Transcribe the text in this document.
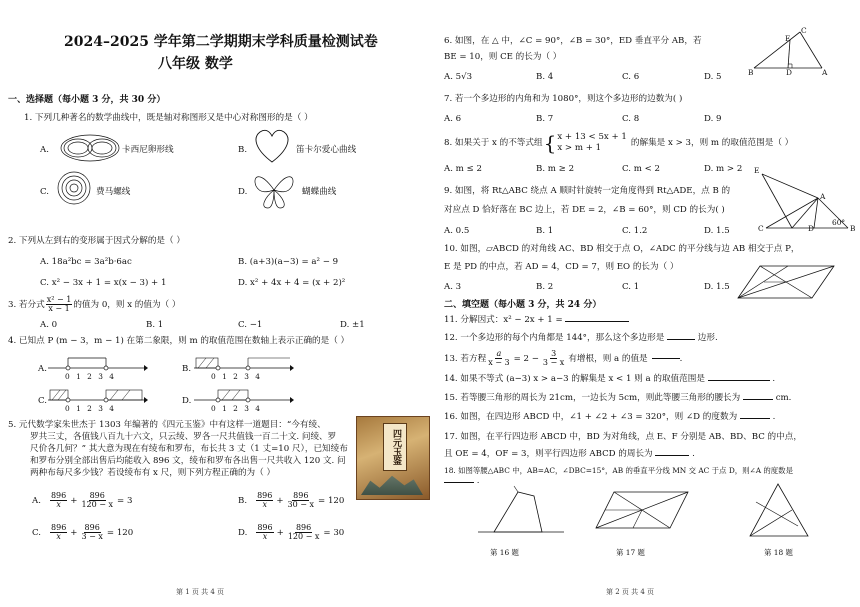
2024–2025 学年第二学期期末学科质量检测试卷
八年级 数学
一、选择题（每小题 3 分，共 30 分）
1. 下列几种著名的数学曲线中，既是轴对称图形又是中心对称图形的是（ ）
A.	卡西尼卵形线	B.	笛卡尔爱心曲线
C.	费马螺线	D.	蝴蝶曲线
2. 下列从左到右的变形属于因式分解的是（ ）
A. 18a²bc = 3a²b·6ac	B. (a+3)(a−3) = a² − 9
C. x² − 3x + 1 = x(x − 3) + 1	D. x² + 4x + 4 = (x + 2)²
3. 若分式 $\frac{\text{x² − 1}}{x - 1}$ 的值为 0，则 x 的值为（ ）
A. 0	B. 1	C. −1	D. ±1
4. 已知点 P (m − 3，m − 1) 在第二象限，则 m 的取值范围在数轴上表示正确的是（ ）
A.
0 1 2 3 4
B.
0 1 2 3 4
C.
0 1 2 3 4
D.
0 1 2 3 4
5. 元代数学家朱世杰于 1303 年编著的《四元玉鉴》中有这样一道题目：“今有绫、
罗共三丈，各值钱八百九十六文，只云绫、罗各一尺共值钱一百二十文. 问绫、罗
尺价各几何？” 其大意为现在有绫布和罗布，布长共 3 丈（1 丈=10 尺），已知绫布
和罗布分别全部出售后均能收入 896 文，绫布和罗布各出售一尺共收入 120 文. 问
两种布每尺多少钱？若设绫布有 x 尺，则下列方程正确的为（ ）
四元玉鉴
A. $\frac{896}{x} + \frac{896}{120 - x} = 3$	B. $\frac{896}{x} + \frac{896}{30 - x} = 120$
C. $\frac{896}{x} + \frac{896}{3 - x} = 120$	D. $\frac{896}{x} + \frac{896}{120 - x} = 30$
第 1 页 共 4 页
6. 如图，在 △ 中，∠C = 90°，∠B = 30°，ED 垂直平分 AB，若
BE = 10，则 CE 的长为（ ）
A. 5√3	B. 4	C. 6	D. 5	B
C
D
E
A
7. 若一个多边形的内角和为 1080°，则这个多边形的边数为( )
A. 6	B. 7	C. 8	D. 9
8. 如果关于 x 的不等式组 { x + 13 < 5x + 1
x > m + 1
的解集是 x > 3，则 m 的取值范围是（ ）
A. m ≤ 2	B. m ≥ 2	C. m < 2	D. m > 2
9. 如图，将 Rt△ABC 绕点 A 顺时针旋转一定角度得到 Rt△ADE，点 B 的
对应点 D 恰好落在 BC 边上，若 DE = 2，∠B = 60°，则 CD 的长为( )
A. 0.5	B. 1	C. 1.2	D. 1.5
E
A
C	D	B
60°
10. 如图，▱ABCD 的对角线 AC、BD 相交于点 O，∠ADC 的平分线与边 AB 相交于点 P，
E 是 PD 的中点，若 AD = 4，CD = 7，则 EO 的长为（ ）
A. 3	B. 2	C. 1	D. 1.5
二、填空题（每小题 3 分，共 24 分）
11. 分解因式：x² − 2x + 1 =
12. 一个多边形的每个内角都是 144°，那么这个多边形是	边形.
13. 若方程 $\frac{a}{x - 3} = 2 - \frac{3}{3 - x}$ 有增根，则 a 的值是	.
14. 如果不等式 (a−3) x > a−3 的解集是 x < 1 则 a 的取值范围是	.
15. 若等腰三角形的周长为 21cm，一边长为 5cm，则此等腰三角形的腰长为	cm.
16. 如图，在四边形 ABCD 中，∠1 + ∠2 + ∠3 = 320°，则 ∠D 的度数为	.
17. 如图，在平行四边形 ABCD 中，BD 为对角线，点 E、F 分别是 AB、BD、BC 的中点，
且 OE = 4，OF = 3，则平行四边形 ABCD 的周长为	.
18. 如图等腰△ABC 中，AB=AC，∠DBC=15°，AB 的垂直平分线 MN 交 AC 于点 D，则∠A 的度数是
.
第 16 题	第 17 题	第 18 题
第 2 页 共 4 页
